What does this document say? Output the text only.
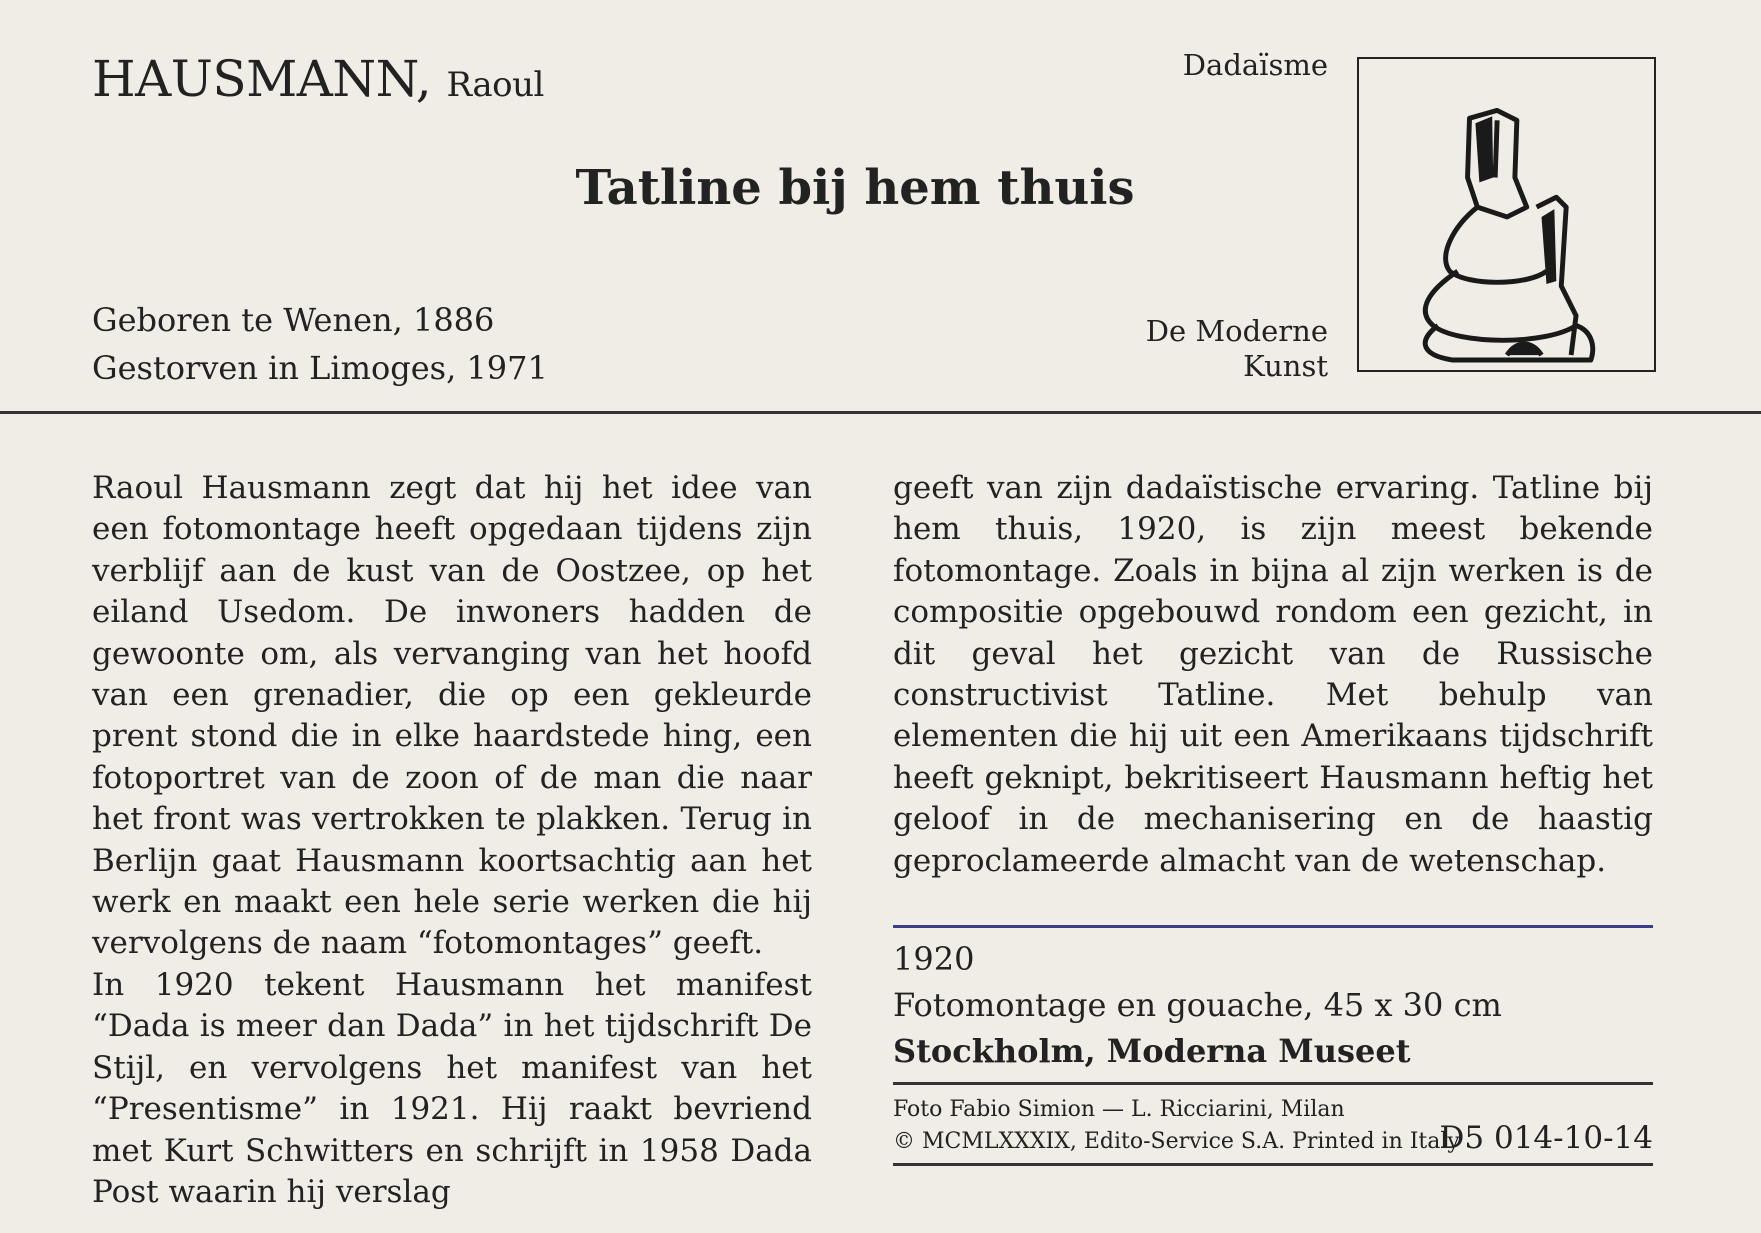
HAUSMANN, Raoul
Tatline bij hem thuis
Geboren te Wenen, 1886
Gestorven in Limoges, 1971
Dadaïsme
De Moderne
Kunst

Raoul Hausmann zegt dat hij het idee van een fotomontage heeft opgedaan tijdens zijn verblijf aan de kust van de Oostzee, op het eiland Usedom. De inwoners hadden de gewoonte om, als vervanging van het hoofd van een grenadier, die op een gekleurde prent stond die in elke haardstede hing, een fotoportret van de zoon of de man die naar het front was vertrokken te plakken. Terug in Berlijn gaat Hausmann koortsachtig aan het werk en maakt een hele serie werken die hij vervolgens de naam “fotomontages” geeft.

In 1920 tekent Hausmann het manifest “Dada is meer dan Dada” in het tijdschrift De Stijl, en vervolgens het manifest van het “Presentisme” in 1921. Hij raakt bevriend met Kurt Schwitters en schrijft in 1958 Dada Post waarin hij verslag

geeft van zijn dadaïstische ervaring. Tatline bij hem thuis, 1920, is zijn meest bekende fotomontage. Zoals in bijna al zijn werken is de compositie opgebouwd rondom een gezicht, in dit geval het gezicht van de Russische constructivist Tatline. Met behulp van elementen die hij uit een Amerikaans tijdschrift heeft geknipt, bekritiseert Hausmann heftig het geloof in de mechanisering en de haastig geproclameerde almacht van de wetenschap.

1920
Fotomontage en gouache, 45 x 30 cm
Stockholm, Moderna Museet
Foto Fabio Simion — L. Ricciarini, Milan
© MCMLXXXIX, Edito-Service S.A. Printed in Italy
D5 014-10-14
